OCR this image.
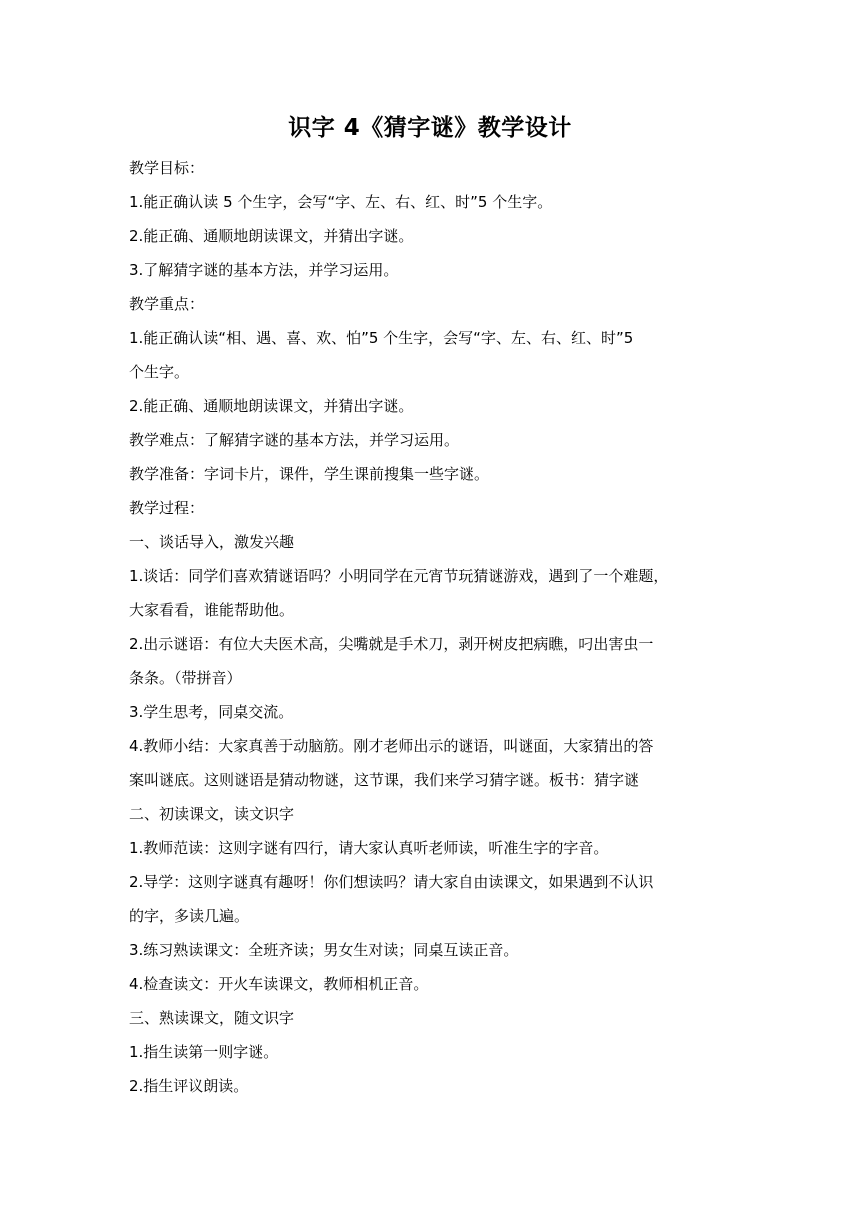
识字 4《猜字谜》教学设计

教学目标：

1.能正确认读 5 个生字，会写“字、左、右、红、时”5 个生字。

2.能正确、通顺地朗读课文，并猜出字谜。

3.了解猜字谜的基本方法，并学习运用。

教学重点：

1.能正确认读“相、遇、喜、欢、怕”5 个生字，会写“字、左、右、红、时”5

个生字。

2.能正确、通顺地朗读课文，并猜出字谜。

教学难点：了解猜字谜的基本方法，并学习运用。

教学准备：字词卡片，课件，学生课前搜集一些字谜。

教学过程：

一、谈话导入，激发兴趣

1.谈话：同学们喜欢猜谜语吗？小明同学在元宵节玩猜谜游戏，遇到了一个难题，

大家看看，谁能帮助他。

2.出示谜语：有位大夫医术高，尖嘴就是手术刀，剥开树皮把病瞧，叼出害虫一

条条。（带拼音）

3.学生思考，同桌交流。

4.教师小结：大家真善于动脑筋。刚才老师出示的谜语，叫谜面，大家猜出的答

案叫谜底。这则谜语是猜动物谜，这节课，我们来学习猜字谜。板书：猜字谜

二、初读课文，读文识字

1.教师范读：这则字谜有四行，请大家认真听老师读，听准生字的字音。

2.导学：这则字谜真有趣呀！你们想读吗？请大家自由读课文，如果遇到不认识

的字，多读几遍。

3.练习熟读课文：全班齐读；男女生对读；同桌互读正音。

4.检查读文：开火车读课文，教师相机正音。

三、熟读课文，随文识字

1.指生读第一则字谜。

2.指生评议朗读。
